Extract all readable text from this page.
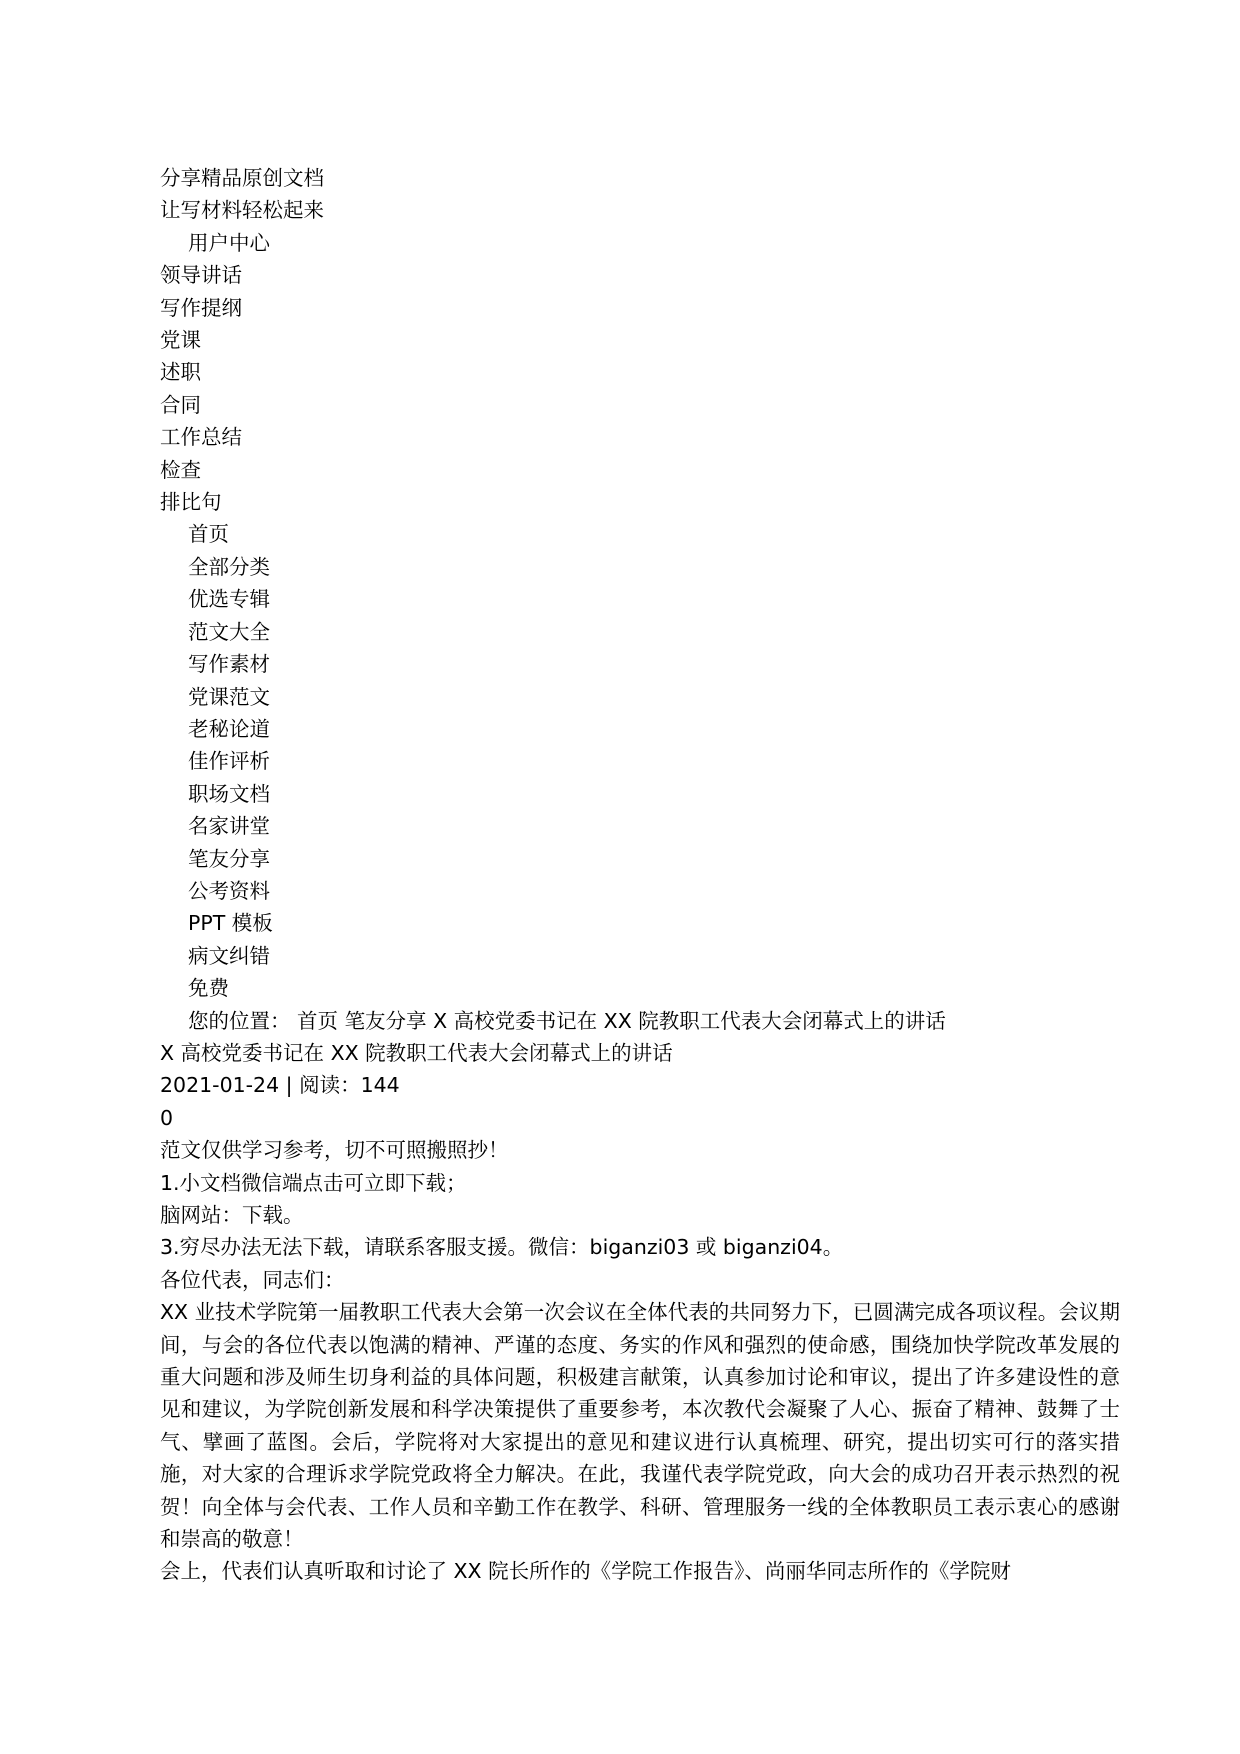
分享精品原创文档
让写材料轻松起来
用户中心
领导讲话
写作提纲
党课
述职
合同
工作总结
检查
排比句
首页
全部分类
优选专辑
范文大全
写作素材
党课范文
老秘论道
佳作评析
职场文档
名家讲堂
笔友分享
公考资料
PPT 模板
病文纠错
免费
您的位置： 首页 笔友分享 X 高校党委书记在 XX 院教职工代表大会闭幕式上的讲话
X 高校党委书记在 XX 院教职工代表大会闭幕式上的讲话
2021-01-24 | 阅读：144
0
范文仅供学习参考，切不可照搬照抄！
1.小文档微信端点击可立即下载；
脑网站：下载。
3.穷尽办法无法下载，请联系客服支援。微信：biganzi03 或 biganzi04。
各位代表，同志们：
XX 业技术学院第一届教职工代表大会第一次会议在全体代表的共同努力下，已圆满完成各项议程。会议期间，与会的各位代表以饱满的精神、严谨的态度、务实的作风和强烈的使命感，围绕加快学院改革发展的重大问题和涉及师生切身利益的具体问题，积极建言献策，认真参加讨论和审议，提出了许多建设性的意见和建议，为学院创新发展和科学决策提供了重要参考，本次教代会凝聚了人心、振奋了精神、鼓舞了士气、擘画了蓝图。会后，学院将对大家提出的意见和建议进行认真梳理、研究，提出切实可行的落实措施，对大家的合理诉求学院党政将全力解决。在此，我谨代表学院党政，向大会的成功召开表示热烈的祝贺！向全体与会代表、工作人员和辛勤工作在教学、科研、管理服务一线的全体教职员工表示衷心的感谢和崇高的敬意！
会上，代表们认真听取和讨论了 XX 院长所作的《学院工作报告》、尚丽华同志所作的《学院财
